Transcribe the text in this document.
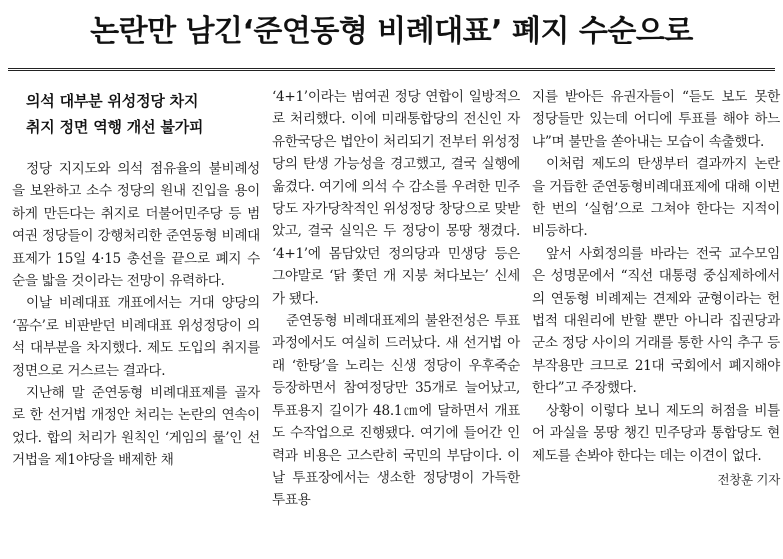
논란만 남긴‘준연동형 비례대표’ 폐지 수순으로
의석 대부분 위성정당 차지
취지 정면 역행 개선 불가피

정당 지지도와 의석 점유율의 불비례성을 보완하고 소수 정당의 원내 진입을 용이하게 만든다는 취지로 더불어민주당 등 범여권 정당들이 강행처리한 준연동형 비례대표제가 15일 4·15 총선을 끝으로 폐지 수순을 밟을 것이라는 전망이 유력하다.

이날 비례대표 개표에서는 거대 양당의 ‘꼼수’로 비판받던 비례대표 위성정당이 의석 대부분을 차지했다. 제도 도입의 취지를 정면으로 거스르는 결과다.

지난해 말 준연동형 비례대표제를 골자로 한 선거법 개정안 처리는 논란의 연속이었다. 합의 처리가 원칙인 ‘게임의 룰’인 선거법을 제1야당을 배제한 채

‘4+1’이라는 범여권 정당 연합이 일방적으로 처리했다. 이에 미래통합당의 전신인 자유한국당은 법안이 처리되기 전부터 위성정당의 탄생 가능성을 경고했고, 결국 실행에 옮겼다. 여기에 의석 수 감소를 우려한 민주당도 자가당착적인 위성정당 창당으로 맞받았고, 결국 실익은 두 정당이 몽땅 챙겼다. ‘4+1’에 몸담았던 정의당과 민생당 등은 그야말로 ‘닭 쫓던 개 지붕 쳐다보는’ 신세가 됐다.

준연동형 비례대표제의 불완전성은 투표 과정에서도 여실히 드러났다. 새 선거법 아래 ‘한탕’을 노리는 신생 정당이 우후죽순 등장하면서 참여정당만 35개로 늘어났고, 투표용지 길이가 48.1㎝에 달하면서 개표도 수작업으로 진행됐다. 여기에 들어간 인력과 비용은 고스란히 국민의 부담이다. 이날 투표장에서는 생소한 정당명이 가득한 투표용

지를 받아든 유권자들이 “듣도 보도 못한 정당들만 있는데 어디에 투표를 해야 하느냐”며 불만을 쏟아내는 모습이 속출했다.

이처럼 제도의 탄생부터 결과까지 논란을 거듭한 준연동형비례대표제에 대해 이번 한 번의 ‘실험’으로 그쳐야 한다는 지적이 비등하다.

앞서 사회정의를 바라는 전국 교수모임은 성명문에서 “직선 대통령 중심제하에서의 연동형 비례제는 견제와 균형이라는 헌법적 대원리에 반할 뿐만 아니라 집권당과 군소 정당 사이의 거래를 통한 사익 추구 등 부작용만 크므로 21대 국회에서 폐지해야 한다”고 주장했다.

상황이 이렇다 보니 제도의 허점을 비틀어 과실을 몽땅 챙긴 민주당과 통합당도 현 제도를 손봐야 한다는 데는 이견이 없다.

전창훈 기자
